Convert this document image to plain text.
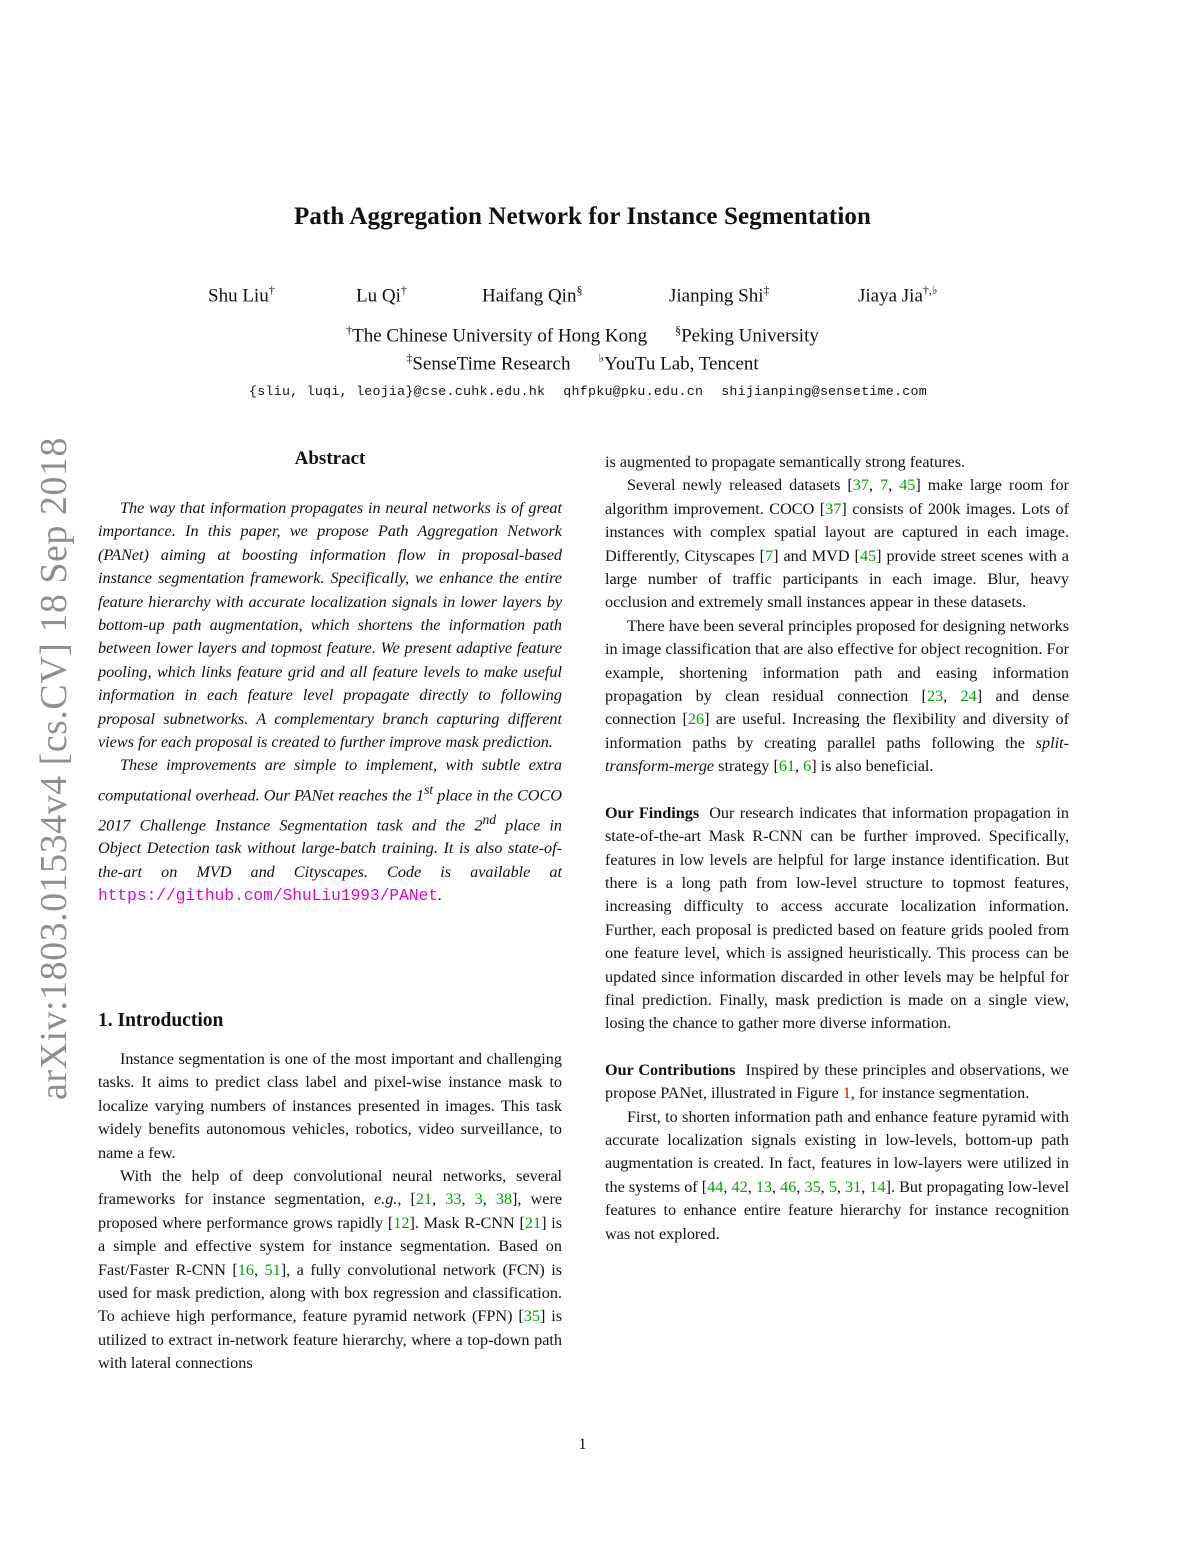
arXiv:1803.01534v4 [cs.CV] 18 Sep 2018
Path Aggregation Network for Instance Segmentation
Shu Liu†	Lu Qi†	Haifang Qin§	Jianping Shi‡	Jiaya Jia†,♭
†The Chinese University of Hong Kong §Peking University
‡SenseTime Research ♭YouTu Lab, Tencent
{sliu, luqi, leojia}@cse.cuhk.edu.hk qhfpku@pku.edu.cn shijianping@sensetime.com
Abstract

The way that information propagates in neural networks is of great importance. In this paper, we propose Path Aggregation Network (PANet) aiming at boosting information flow in proposal-based instance segmentation framework. Specifically, we enhance the entire feature hierarchy with accurate localization signals in lower layers by bottom-up path augmentation, which shortens the information path between lower layers and topmost feature. We present adaptive feature pooling, which links feature grid and all feature levels to make useful information in each feature level propagate directly to following proposal subnetworks. A complementary branch capturing different views for each proposal is created to further improve mask prediction.

These improvements are simple to implement, with subtle extra computational overhead. Our PANet reaches the 1st place in the COCO 2017 Challenge Instance Segmentation task and the 2nd place in Object Detection task without large-batch training. It is also state-of-the-art on MVD and Cityscapes. Code is available at https://github.com/ShuLiu1993/PANet.

1. Introduction

Instance segmentation is one of the most important and challenging tasks. It aims to predict class label and pixel-wise instance mask to localize varying numbers of instances presented in images. This task widely benefits autonomous vehicles, robotics, video surveillance, to name a few.

With the help of deep convolutional neural networks, several frameworks for instance segmentation, e.g., [21, 33, 3, 38], were proposed where performance grows rapidly [12]. Mask R-CNN [21] is a simple and effective system for instance segmentation. Based on Fast/Faster R-CNN [16, 51], a fully convolutional network (FCN) is used for mask prediction, along with box regression and classification. To achieve high performance, feature pyramid network (FPN) [35] is utilized to extract in-network feature hierarchy, where a top-down path with lateral connections

is augmented to propagate semantically strong features.

Several newly released datasets [37, 7, 45] make large room for algorithm improvement. COCO [37] consists of 200k images. Lots of instances with complex spatial layout are captured in each image. Differently, Cityscapes [7] and MVD [45] provide street scenes with a large number of traffic participants in each image. Blur, heavy occlusion and extremely small instances appear in these datasets.

There have been several principles proposed for designing networks in image classification that are also effective for object recognition. For example, shortening information path and easing information propagation by clean residual connection [23, 24] and dense connection [26] are useful. Increasing the flexibility and diversity of information paths by creating parallel paths following the split-transform-merge strategy [61, 6] is also beneficial.

Our Findings Our research indicates that information propagation in state-of-the-art Mask R-CNN can be further improved. Specifically, features in low levels are helpful for large instance identification. But there is a long path from low-level structure to topmost features, increasing difficulty to access accurate localization information. Further, each proposal is predicted based on feature grids pooled from one feature level, which is assigned heuristically. This process can be updated since information discarded in other levels may be helpful for final prediction. Finally, mask prediction is made on a single view, losing the chance to gather more diverse information.

Our Contributions Inspired by these principles and observations, we propose PANet, illustrated in Figure 1, for instance segmentation.

First, to shorten information path and enhance feature pyramid with accurate localization signals existing in low-levels, bottom-up path augmentation is created. In fact, features in low-layers were utilized in the systems of [44, 42, 13, 46, 35, 5, 31, 14]. But propagating low-level features to enhance entire feature hierarchy for instance recognition was not explored.

1
